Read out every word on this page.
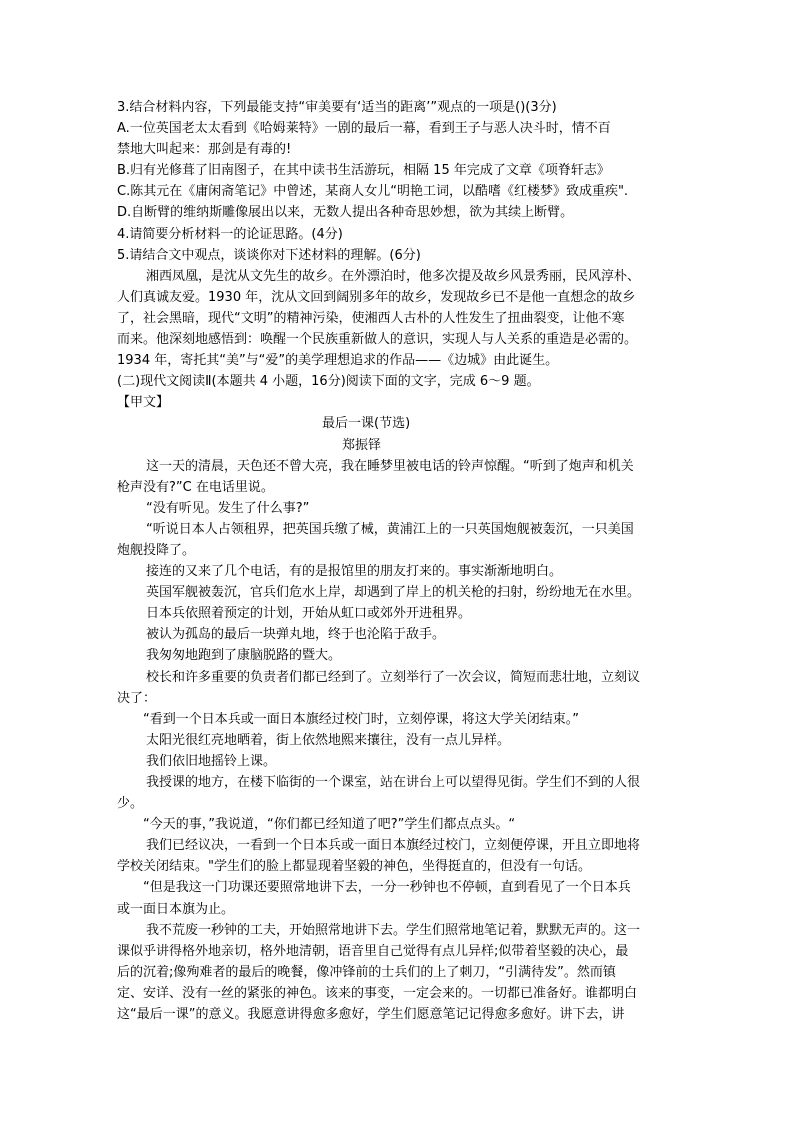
3.结合材料内容，下列最能支持“审美要有‘适当的距离’”观点的一项是()(3分)
A.一位英国老太太看到《哈姆莱特》一剧的最后一幕，看到王子与恶人决斗时，情不百
禁地大叫起来：那剑是有毒的!
B.归有光修葺了旧南图子，在其中读书生活游玩，相隔 15 年完成了文章《项脊轩志》
C.陈其元在《庸闲斋笔记》中曾述，某商人女儿“明艳工词，以酷嗜《红楼梦》致成重疾".
D.自断臂的维纳斯雕像展出以来，无数人提出各种奇思妙想，欲为其续上断臂。
4.请简要分析材料一的论证思路。(4分)
5.请结合文中观点，谈谈你对下述材料的理解。(6分)
湘西凤凰，是沈从文先生的故乡。在外漂泊时，他多次提及故乡风景秀丽，民风淳朴、
人们真诚友爱。1930 年，沈从文回到阔别多年的故乡，发现故乡已不是他一直想念的故乡
了，社会黑暗，现代“文明”的精神污染，使湘西人古朴的人性发生了扭曲裂变，让他不寒
而来。他深刻地感悟到：唤醒一个民族重新做人的意识，实现人与人关系的重造是必需的。
1934 年，寄托其“美”与“爱”的美学理想追求的作品——《边城》由此诞生。
(二)现代文阅读Ⅱ(本题共 4 小题，16分)阅读下面的文字，完成 6～9 题。
【甲文】
最后一课(节选)
郑振铎
这一天的清晨，天色还不曾大亮，我在睡梦里被电话的铃声惊醒。“听到了炮声和机关
枪声没有?”C 在电话里说。
“没有听见。发生了什么事?”
“听说日本人占领租界，把英国兵缴了械，黄浦江上的一只英国炮舰被轰沉，一只美国
炮舰投降了。
接连的又来了几个电话，有的是报馆里的朋友打来的。事实渐渐地明白。
英国军舰被轰沉，官兵们危水上岸，却遇到了岸上的机关枪的扫射，纷纷地无在水里。
日本兵依照着预定的计划，开始从虹口或郊外开进租界。
被认为孤岛的最后一块弹丸地，终于也沦陷于敌手。
我匆匆地跑到了康脑脱路的暨大。
校长和许多重要的负责者们都已经到了。立刻举行了一次会议，简短而悲壮地，立刻议
决了：
“看到一个日本兵或一面日本旗经过校门时，立刻停课，将这大学关闭结束。”
太阳光很红亮地晒着，街上依然地熙来攘往，没有一点儿异样。
我们依旧地摇铃上课。
我授课的地方，在楼下临街的一个课室，站在讲台上可以望得见街。学生们不到的人很
少。
“今天的事，”我说道，“你们都已经知道了吧?”学生们都点点头。“
我们已经议决，一看到一个日本兵或一面日本旗经过校门，立刻便停课，开且立即地将
学校关闭结束。"学生们的脸上都显现着坚毅的神色，坐得挺直的，但没有一句话。
“但是我这一门功课还要照常地讲下去，一分一秒钟也不停顿，直到看见了一个日本兵
或一面日本旗为止。
我不荒废一秒钟的工夫，开始照常地讲下去。学生们照常地笔记着，默默无声的。这一
课似乎讲得格外地亲切，格外地清朝，语音里自己觉得有点儿异样;似带着坚毅的决心，最
后的沉着;像殉难者的最后的晚餐，像冲锋前的士兵们的上了刺刀，“引满待发”。然而镇
定、安详、没有一丝的紧张的神色。该来的事变，一定会来的。一切都已准备好。谁都明白
这“最后一课”的意义。我愿意讲得愈多愈好，学生们愿意笔记记得愈多愈好。讲下去，讲
